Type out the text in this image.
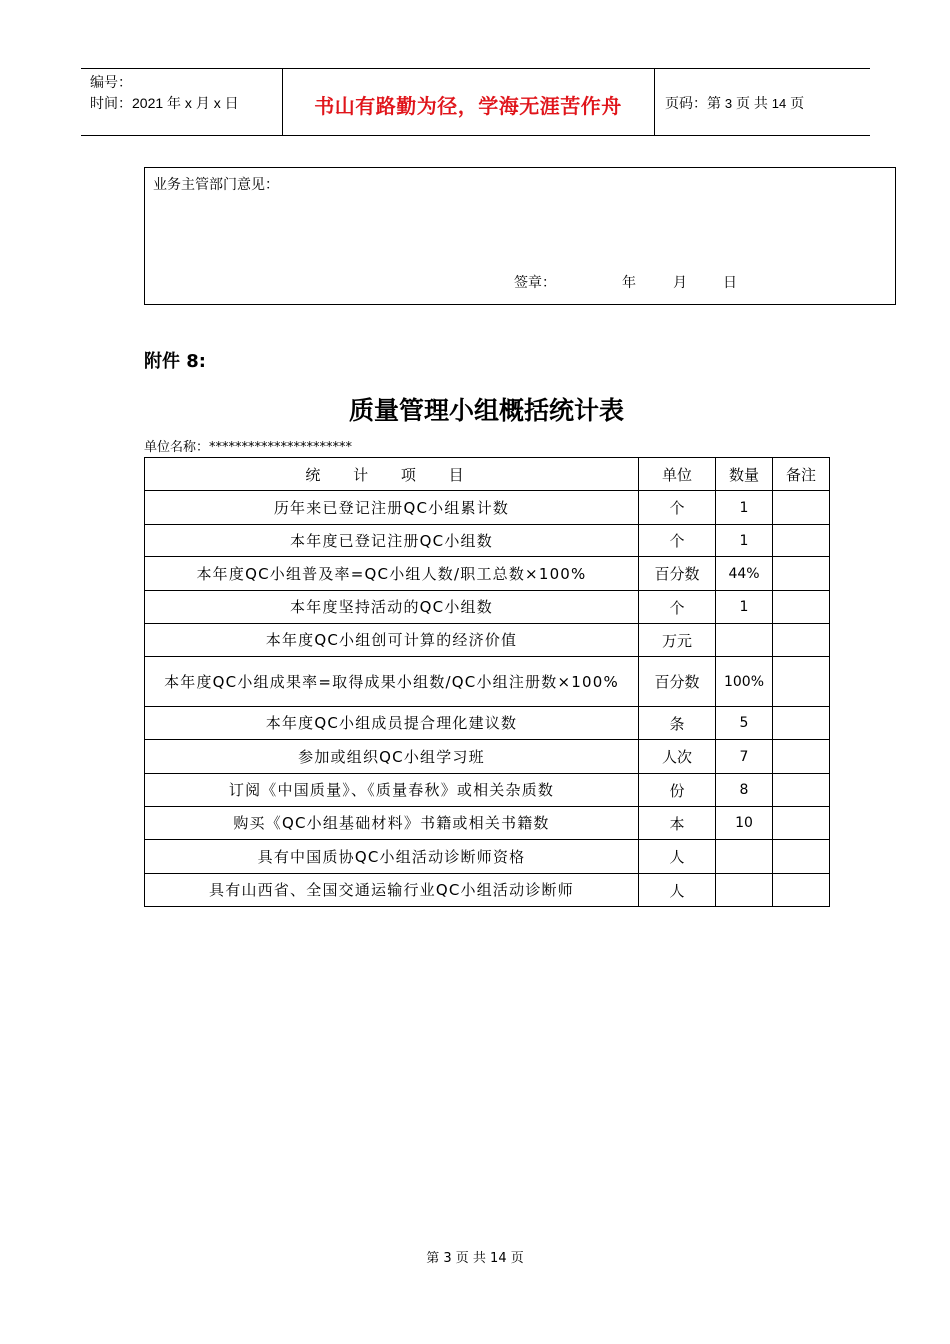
编号：
时间：2021 年 x 月 x 日	书山有路勤为径，学海无涯苦作舟	页码：第 3 页 共 14 页
业务主管部门意见：
签章：	年	月	日
附件 8:
质量管理小组概括统计表
单位名称：**********************
统 计 项 目	单位	数量	备注
历年来已登记注册QC小组累计数	个	1	
本年度已登记注册QC小组数	个	1	
本年度QC小组普及率=QC小组人数/职工总数×100%	百分数	44%	
本年度坚持活动的QC小组数	个	1	
本年度QC小组创可计算的经济价值	万元		
本年度QC小组成果率=取得成果小组数/QC小组注册数×100%	百分数	100%	
本年度QC小组成员提合理化建议数	条	5	
参加或组织QC小组学习班	人次	7	
订阅《中国质量》、《质量春秋》或相关杂质数	份	8	
购买《QC小组基础材料》书籍或相关书籍数	本	10	
具有中国质协QC小组活动诊断师资格	人		
具有山西省、全国交通运输行业QC小组活动诊断师	人		
第 3 页 共 14 页
